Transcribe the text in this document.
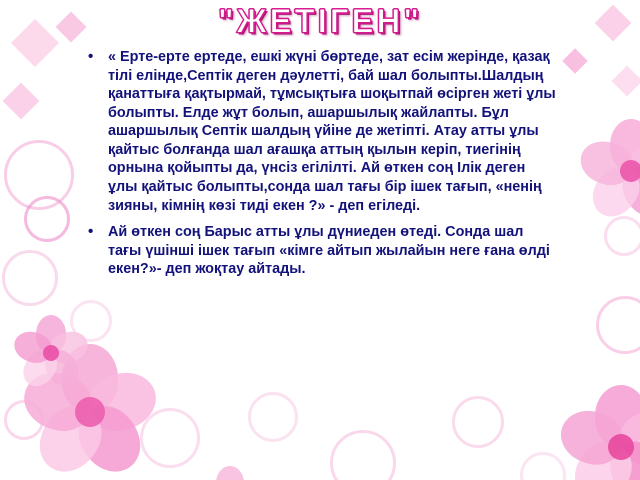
"ЖЕТІГЕН"
• « Ерте-ерте ертеде, ешкі жүні бөртеде, зат есім жерінде, қазақ тілі елінде,Септік деген дәулетті, бай шал болыпты.Шалдың қанаттыға қақтырмай, тұмсықтыға шоқытпай өсірген жеті ұлы болыпты. Елде жұт болып, ашаршылық жайлапты. Бұл ашаршылық Септік шалдың үйіне де жетіпті. Атау атты ұлы қайтыс болғанда шал ағашқа аттың қылын керіп, тиегінің орнына қойыпты да, үнсіз егілілті. Ай өткен соң Ілік деген ұлы қайтыс болыпты,сонда шал тағы бір ішек тағып, «ненің зияны, кімнің көзі тиді екен ?» - деп егіледі.
• Ай өткен соң Барыс атты ұлы дүниеден өтеді. Сонда шал тағы үшінші ішек тағып «кімге айтып жылайын неге ғана өлді екен?»- деп жоқтау айтады.
